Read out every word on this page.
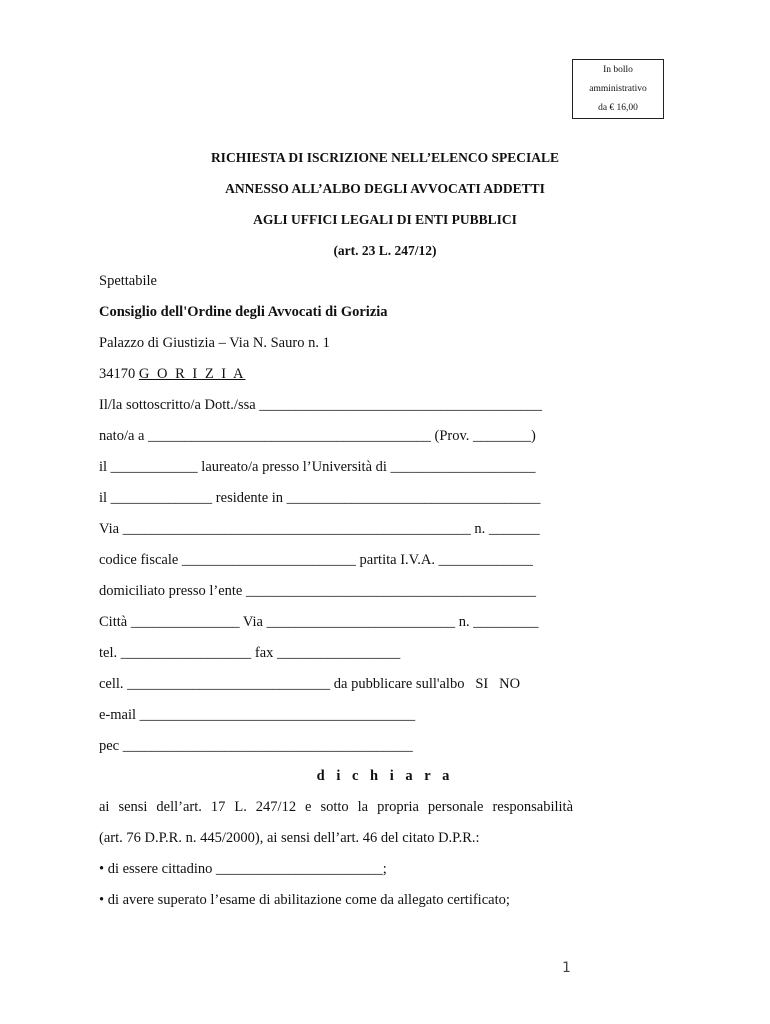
In bollo
amministrativo
da € 16,00
RICHIESTA DI ISCRIZIONE NELL’ELENCO SPECIALE
ANNESSO ALL’ALBO DEGLI AVVOCATI ADDETTI
AGLI UFFICI LEGALI DI ENTI PUBBLICI
(art. 23 L. 247/12)
Spettabile
Consiglio dell'Ordine degli Avvocati di Gorizia
Palazzo di Giustizia – Via N. Sauro n. 1
34170 G O R I Z I A
Il/la sottoscritto/a Dott./ssa _______________________________________
nato/a a _______________________________________ (Prov. ________)
il ____________ laureato/a presso l’Università di ____________________
il ______________ residente in ___________________________________
Via ________________________________________________ n. _______
codice fiscale ________________________ partita I.V.A. _____________
domiciliato presso l’ente ________________________________________
Città _______________ Via __________________________ n. _________
tel. __________________ fax _________________
cell. ____________________________ da pubblicare sull'albo   SI   NO
e-mail ______________________________________
pec ________________________________________
d i c h i a r a
ai sensi dell’art. 17 L. 247/12 e sotto la propria personale responsabilità
(art. 76 D.P.R. n. 445/2000), ai sensi dell’art. 46 del citato D.P.R.:
• di essere cittadino _______________________;
• di avere superato l’esame di abilitazione come da allegato certificato;
1
